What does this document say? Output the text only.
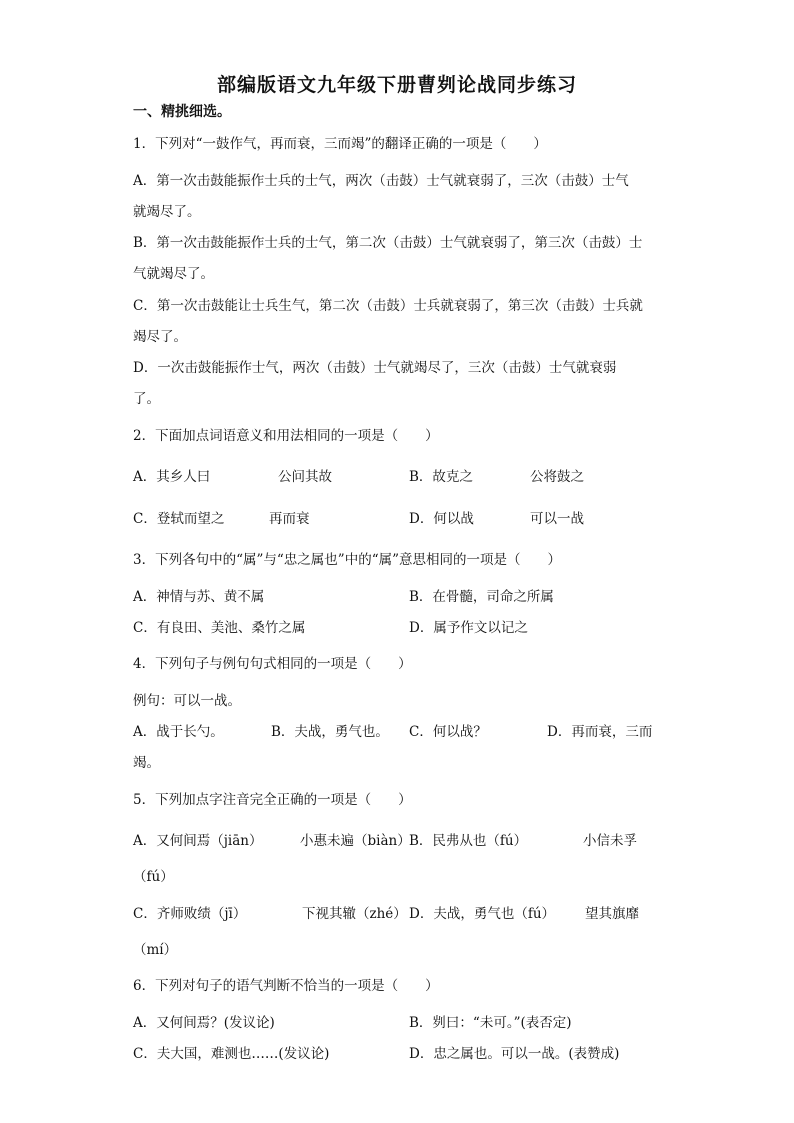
部编版语文九年级下册曹刿论战同步练习
一、精挑细选。
1．下列对“一鼓作气，再而衰，三而竭”的翻译正确的一项是（　　）
A．第一次击鼓能振作士兵的士气，两次（击鼓）士气就衰弱了，三次（击鼓）士气
就竭尽了。
B．第一次击鼓能振作士兵的士气，第二次（击鼓）士气就衰弱了，第三次（击鼓）士
气就竭尽了。
C．第一次击鼓能让士兵生气，第二次（击鼓）士兵就衰弱了，第三次（击鼓）士兵就
竭尽了。
D．一次击鼓能振作士气，两次（击鼓）士气就竭尽了，三次（击鼓）士气就衰弱
了。
2．下面加点词语意义和用法相同的一项是（　　）
A．其乡人曰	公问其故	B．故克之	公将鼓之
C．登轼而望之	再而衰	D．何以战	可以一战
3．下列各句中的“属”与“忠之属也”中的“属”意思相同的一项是（　　）
A．神情与苏、黄不属	B．在骨髓，司命之所属
C．有良田、美池、桑竹之属	D．属予作文以记之
4．下列句子与例句句式相同的一项是（　　）
例句：可以一战。
A．战于长勺。	B．夫战，勇气也。 C．何以战？	D．再而衰，三而
竭。
5．下列加点字注音完全正确的一项是（　　）
A．又何间焉（jiān）	小惠未遍（biàn）
B．民弗从也（fú）	小信未孚
（fú）
C．齐师败绩（jī）	下视其辙（zhé） D．夫战，勇气也（fú） 望其旗靡
（mí）
6．下列对句子的语气判断不恰当的一项是（　　）
A．又何间焉？(发议论)	B．刿曰：“未可。”(表否定)
C．夫大国，难测也……(发议论)	D．忠之属也。可以一战。(表赞成)
